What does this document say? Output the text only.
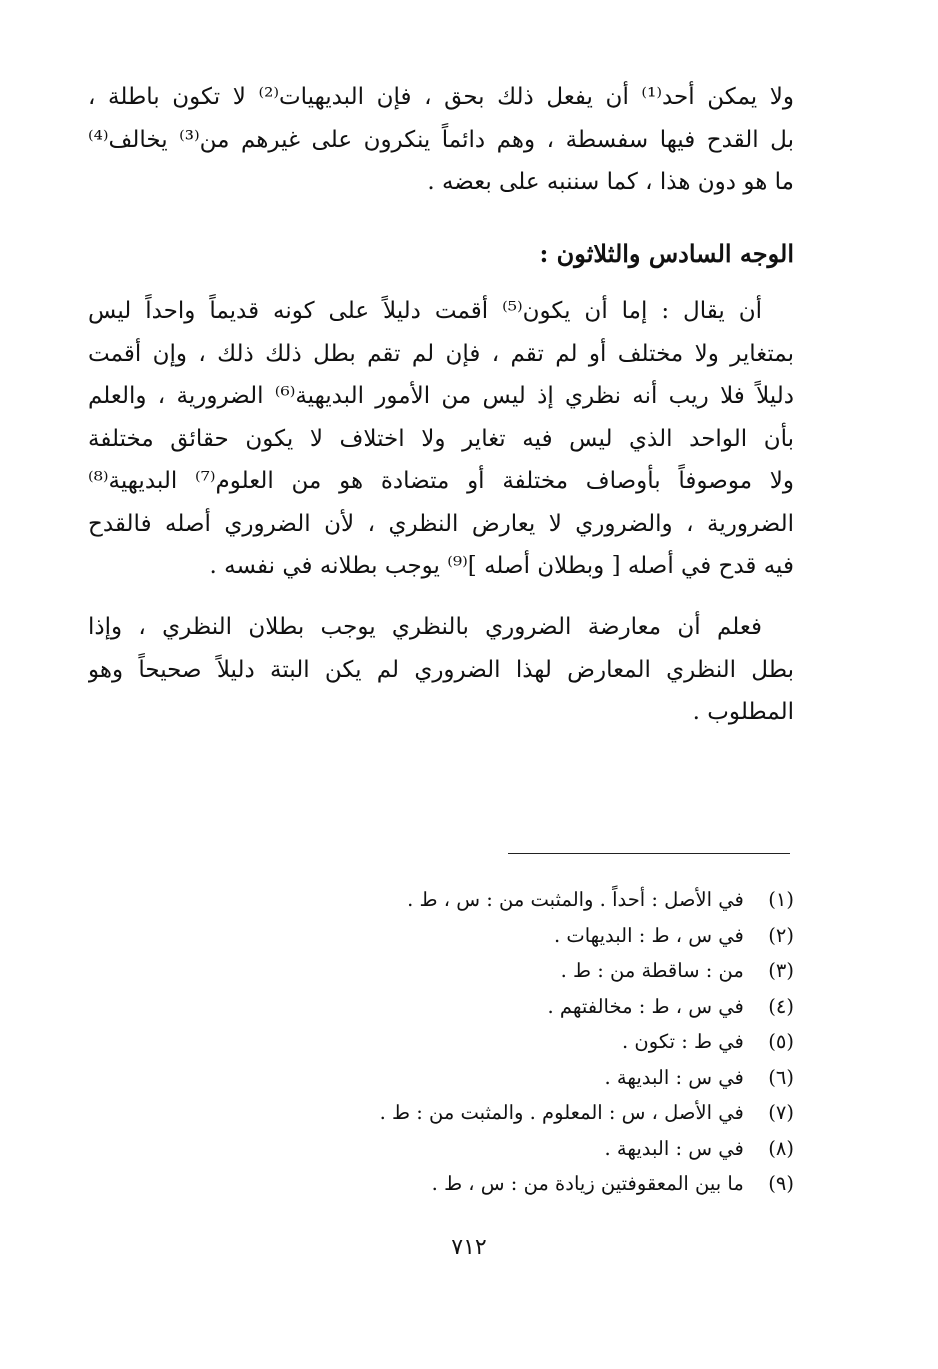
ولا يمكن أحد⁽¹⁾ أن يفعل ذلك بحق ، فإن البديهيات⁽²⁾ لا تكون باطلة ،
بل القدح فيها سفسطة ، وهم دائماً ينكرون على غيرهم من⁽³⁾ يخالف⁽⁴⁾
ما هو دون هذا ، كما سننبه على بعضه .
الوجه السادس والثلاثون :
أن يقال : إما أن يكون⁽⁵⁾ أقمت دليلاً على كونه قديماً واحداً ليس
بمتغاير ولا مختلف أو لم تقم ، فإن لم تقم بطل ذلك ذلك ، وإن أقمت
دليلاً فلا ريب أنه نظري إذ ليس من الأمور البديهية⁽⁶⁾ الضرورية ، والعلم
بأن الواحد الذي ليس فيه تغاير ولا اختلاف لا يكون حقائق مختلفة
ولا موصوفاً بأوصاف مختلفة أو متضادة هو من العلوم⁽⁷⁾ البديهية⁽⁸⁾
الضرورية ، والضروري لا يعارض النظري ، لأن الضروري أصله فالقدح
فيه قدح في أصله [ وبطلان أصله ]⁽⁹⁾ يوجب بطلانه في نفسه .
فعلم أن معارضة الضروري بالنظري يوجب بطلان النظري ، وإذا
بطل النظري المعارض لهذا الضروري لم يكن البتة دليلاً صحيحاً وهو
المطلوب .
(١) في الأصل : أحداً . والمثبت من : س ، ط .
(٢) في س ، ط : البديهات .
(٣) من : ساقطة من : ط .
(٤) في س ، ط : مخالفتهم .
(٥) في ط : تكون .
(٦) في س : البديهة .
(٧) في الأصل ، س : المعلوم . والمثبت من : ط .
(٨) في س : البديهة .
(٩) ما بين المعقوفتين زيادة من : س ، ط .
٧١٢
